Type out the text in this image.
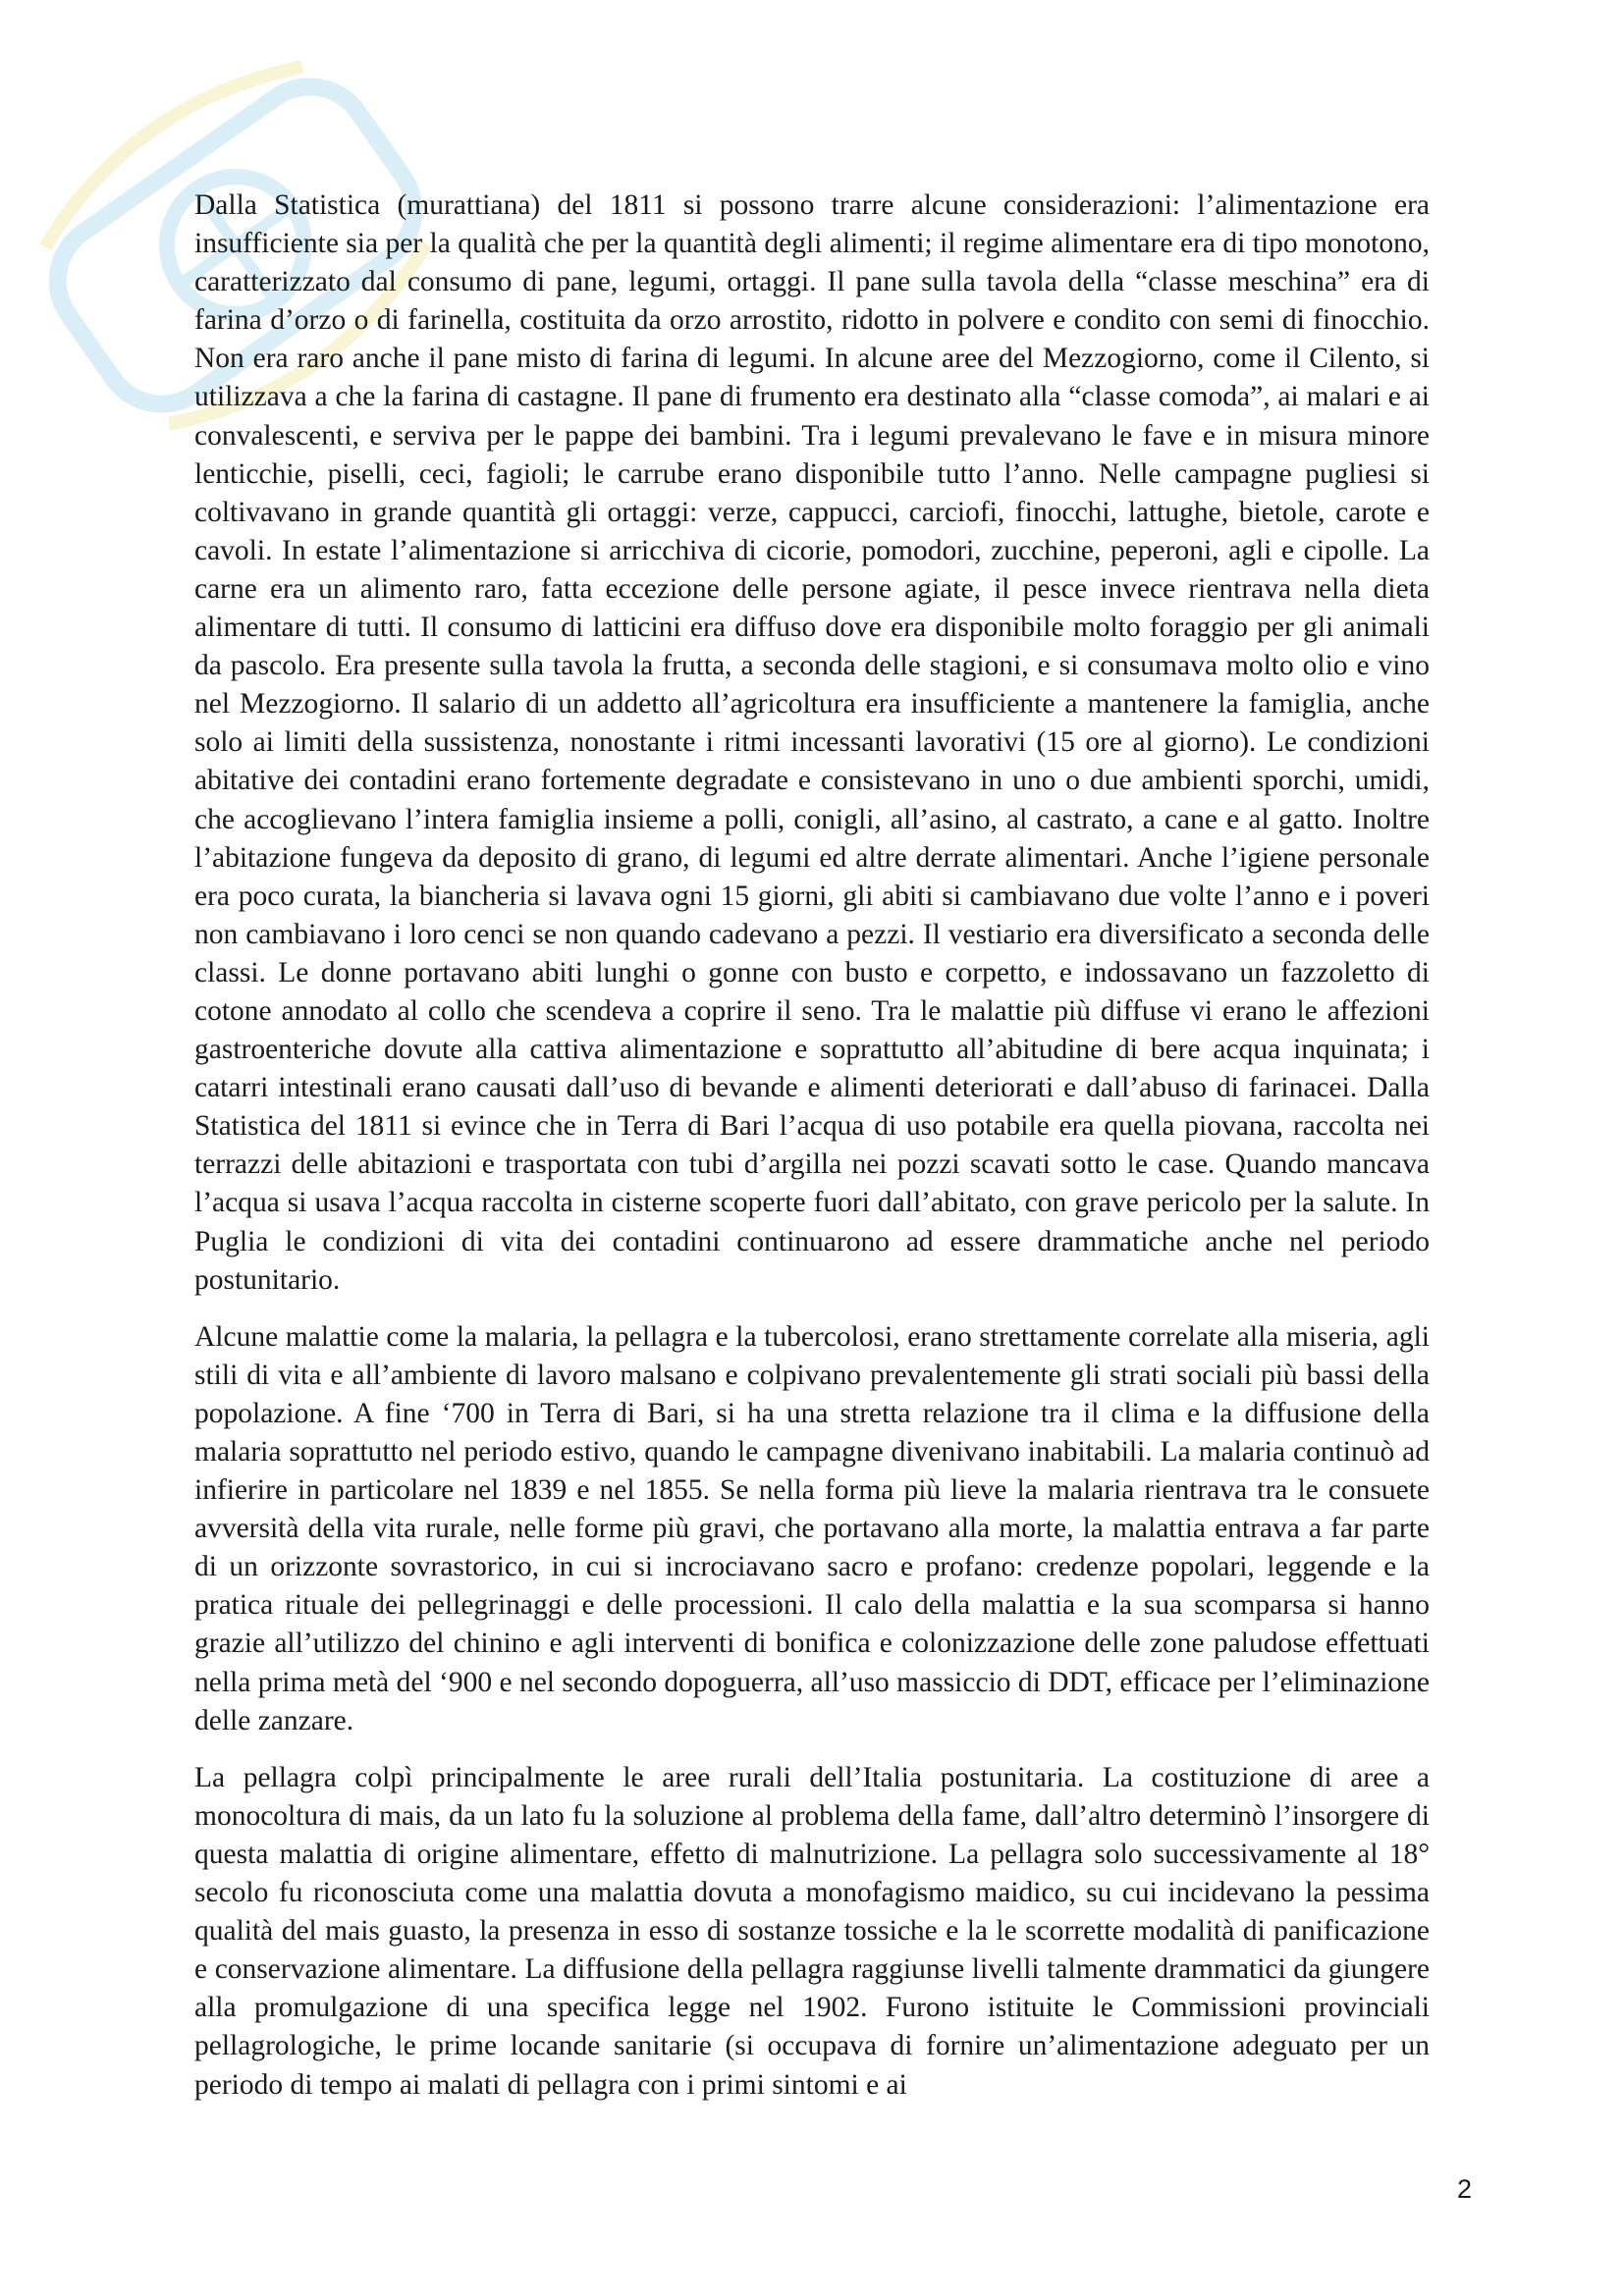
Dalla Statistica (murattiana) del 1811 si possono trarre alcune considerazioni: l’alimentazione era insufficiente sia per la qualità che per la quantità degli alimenti; il regime alimentare era di tipo monotono, caratterizzato dal consumo di pane, legumi, ortaggi. Il pane sulla tavola della “classe meschina” era di farina d’orzo o di farinella, costituita da orzo arrostito, ridotto in polvere e condito con semi di finocchio. Non era raro anche il pane misto di farina di legumi. In alcune aree del Mezzogiorno, come il Cilento, si utilizzava a che la farina di castagne. Il pane di frumento era destinato alla “classe comoda”, ai malari e ai convalescenti, e serviva per le pappe dei bambini. Tra i legumi prevalevano le fave e in misura minore lenticchie, piselli, ceci, fagioli; le carrube erano disponibile tutto l’anno. Nelle campagne pugliesi si coltivavano in grande quantità gli ortaggi: verze, cappucci, carciofi, finocchi, lattughe, bietole, carote e cavoli. In estate l’alimentazione si arricchiva di cicorie, pomodori, zucchine, peperoni, agli e cipolle. La carne era un alimento raro, fatta eccezione delle persone agiate, il pesce invece rientrava nella dieta alimentare di tutti. Il consumo di latticini era diffuso dove era disponibile molto foraggio per gli animali da pascolo. Era presente sulla tavola la frutta, a seconda delle stagioni, e si consumava molto olio e vino nel Mezzogiorno. Il salario di un addetto all’agricoltura era insufficiente a mantenere la famiglia, anche solo ai limiti della sussistenza, nonostante i ritmi incessanti lavorativi (15 ore al giorno). Le condizioni abitative dei contadini erano fortemente degradate e consistevano in uno o due ambienti sporchi, umidi, che accoglievano l’intera famiglia insieme a polli, conigli, all’asino, al castrato, a cane e al gatto. Inoltre l’abitazione fungeva da deposito di grano, di legumi ed altre derrate alimentari. Anche l’igiene personale era poco curata, la biancheria si lavava ogni 15 giorni, gli abiti si cambiavano due volte l’anno e i poveri non cambiavano i loro cenci se non quando cadevano a pezzi. Il vestiario era diversificato a seconda delle classi. Le donne portavano abiti lunghi o gonne con busto e corpetto, e indossavano un fazzoletto di cotone annodato al collo che scendeva a coprire il seno. Tra le malattie più diffuse vi erano le affezioni gastroenteriche dovute alla cattiva alimentazione e soprattutto all’abitudine di bere acqua inquinata; i catarri intestinali erano causati dall’uso di bevande e alimenti deteriorati e dall’abuso di farinacei. Dalla Statistica del 1811 si evince che in Terra di Bari l’acqua di uso potabile era quella piovana, raccolta nei terrazzi delle abitazioni e trasportata con tubi d’argilla nei pozzi scavati sotto le case. Quando mancava l’acqua si usava l’acqua raccolta in cisterne scoperte fuori dall’abitato, con grave pericolo per la salute. In Puglia le condizioni di vita dei contadini continuarono ad essere drammatiche anche nel periodo postunitario.

Alcune malattie come la malaria, la pellagra e la tubercolosi, erano strettamente correlate alla miseria, agli stili di vita e all’ambiente di lavoro malsano e colpivano prevalentemente gli strati sociali più bassi della popolazione. A fine ‘700 in Terra di Bari, si ha una stretta relazione tra il clima e la diffusione della malaria soprattutto nel periodo estivo, quando le campagne divenivano inabitabili. La malaria continuò ad infierire in particolare nel 1839 e nel 1855. Se nella forma più lieve la malaria rientrava tra le consuete avversità della vita rurale, nelle forme più gravi, che portavano alla morte, la malattia entrava a far parte di un orizzonte sovrastorico, in cui si incrociavano sacro e profano: credenze popolari, leggende e la pratica rituale dei pellegrinaggi e delle processioni. Il calo della malattia e la sua scomparsa si hanno grazie all’utilizzo del chinino e agli interventi di bonifica e colonizzazione delle zone paludose effettuati nella prima metà del ‘900 e nel secondo dopoguerra, all’uso massiccio di DDT, efficace per l’eliminazione delle zanzare.

La pellagra colpì principalmente le aree rurali dell’Italia postunitaria. La costituzione di aree a monocoltura di mais, da un lato fu la soluzione al problema della fame, dall’altro determinò l’insorgere di questa malattia di origine alimentare, effetto di malnutrizione. La pellagra solo successivamente al 18° secolo fu riconosciuta come una malattia dovuta a monofagismo maidico, su cui incidevano la pessima qualità del mais guasto, la presenza in esso di sostanze tossiche e la le scorrette modalità di panificazione e conservazione alimentare. La diffusione della pellagra raggiunse livelli talmente drammatici da giungere alla promulgazione di una specifica legge nel 1902. Furono istituite le Commissioni provinciali pellagrologiche, le prime locande sanitarie (si occupava di fornire un’alimentazione adeguato per un periodo di tempo ai malati di pellagra con i primi sintomi e ai

2
